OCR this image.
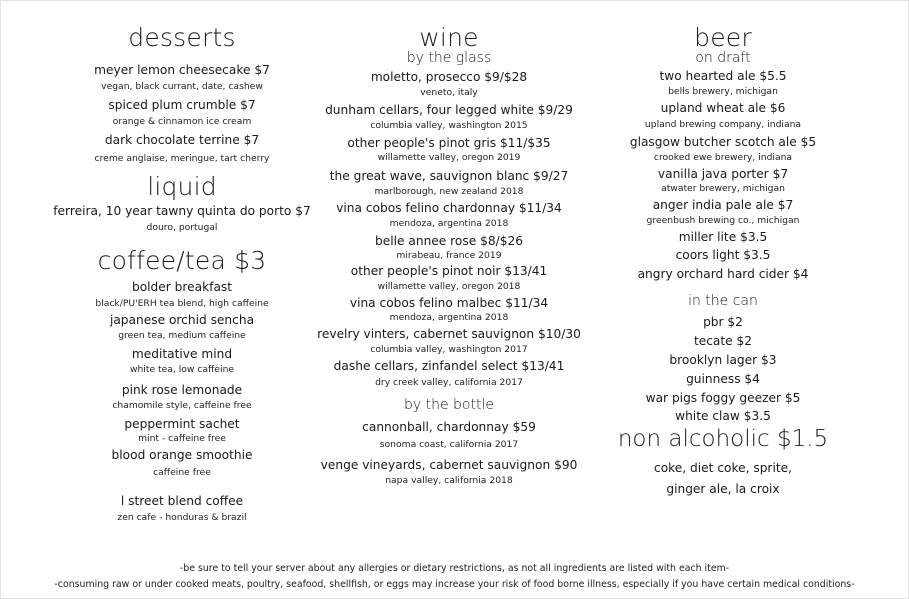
desserts
meyer lemon cheesecake $7
vegan, black currant, date, cashew
spiced plum crumble $7
orange & cinnamon ice cream
dark chocolate terrine $7
creme anglaise, meringue, tart cherry
liquid
ferreira, 10 year tawny quinta do porto $7
douro, portugal
coffee/tea $3
bolder breakfast
black/PU'ERH tea blend, high caffeine
japanese orchid sencha
green tea, medium caffeine
meditative mind
white tea, low caffeine
pink rose lemonade
chamomile style, caffeine free
peppermint sachet
mint - caffeine free
blood orange smoothie
caffeine free
l street blend coffee
zen cafe - honduras & brazil
wine
by the glass
moletto, prosecco $9/$28
veneto, italy
dunham cellars, four legged white $9/29
columbia valley, washington 2015
other people's pinot gris $11/$35
willamette valley, oregon 2019
the great wave, sauvignon blanc $9/27
marlborough, new zealand 2018
vina cobos felino chardonnay $11/34
mendoza, argentina 2018
belle annee rose $8/$26
mirabeau, france 2019
other people's pinot noir $13/41
willamette valley, oregon 2018
vina cobos felino malbec $11/34
mendoza, argentina 2018
revelry vinters, cabernet sauvignon $10/30
columbia valley, washington 2017
dashe cellars, zinfandel select $13/41
dry creek valley, california 2017
by the bottle
cannonball, chardonnay $59
sonoma coast, california 2017
venge vineyards, cabernet sauvignon $90
napa valley, california 2018
beer
on draft
two hearted ale $5.5
bells brewery, michigan
upland wheat ale $6
upland brewing company, indiana
glasgow butcher scotch ale $5
crooked ewe brewery, indiana
vanilla java porter $7
atwater brewery, michigan
anger india pale ale $7
greenbush brewing co., michigan
miller lite $3.5
coors light $3.5
angry orchard hard cider $4
in the can
pbr $2
tecate $2
brooklyn lager $3
guinness $4
war pigs foggy geezer $5
white claw $3.5
non alcoholic $1.5
coke, diet coke, sprite,
ginger ale, la croix
-be sure to tell your server about any allergies or dietary restrictions, as not all ingredients are listed with each item-
-consuming raw or under cooked meats, poultry, seafood, shellfish, or eggs may increase your risk of food borne illness, especially if you have certain medical conditions-
